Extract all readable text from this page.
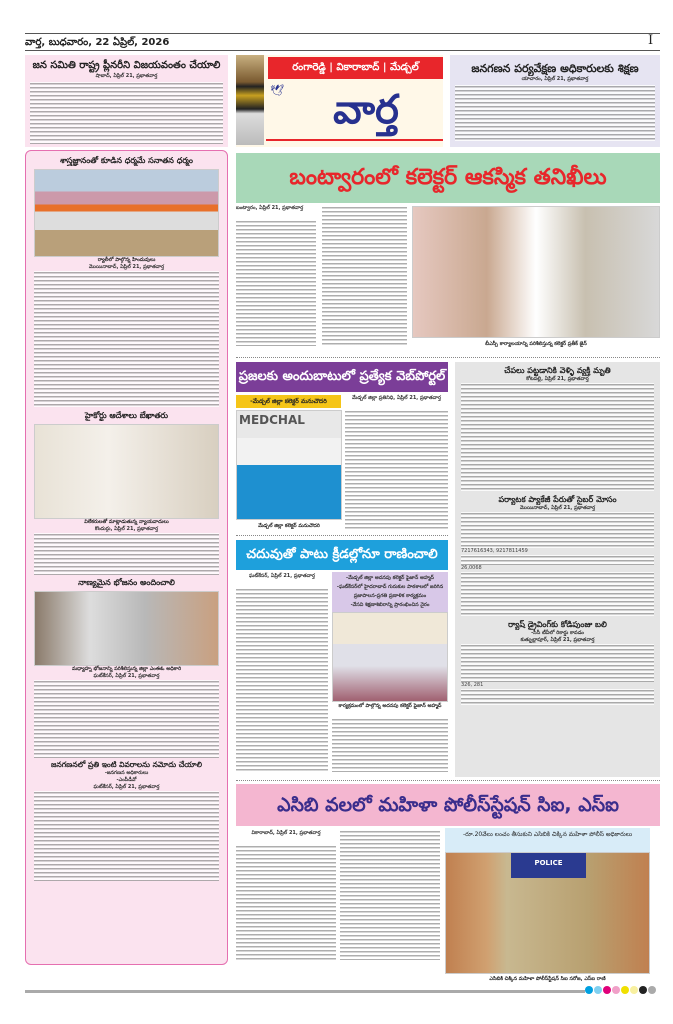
వార్త, బుధవారం, 22 ఏప్రిల్, 2026	I
జన సమితి రాష్ట్ర ప్లీనరీని విజయవంతం చేయాలి
షాబాద్, ఏప్రిల్ 21, ప్రభాతవార్త
రంగారెడ్డి | వికారాబాద్ | మేడ్చల్
🕊	వార్త
జనగణన పర్యవేక్షణ అధికారులకు శిక్షణ
యాచారం, ఏప్రిల్ 21, ప్రభాతవార్త
శాస్త్రజ్ఞానంతో కూడిన ధర్మమే సనాతన ధర్మం
ర్యాలీలో పాల్గొన్న హిందువులు
మొయినాబాద్, ఏప్రిల్ 21, ప్రభాతవార్త
హైకోర్టు ఆదేశాలు బేఖాతరు
విలేకరులతో మాట్లాడుతున్న న్యాయవాదులు
కొందుర్గు, ఏప్రిల్ 21, ప్రభాతవార్త
నాణ్యమైన భోజనం అందించాలి
మధ్యాహ్న భోజనాన్ని పరిశీలిస్తున్న జిల్లా ఎంఈఓ అధికారి
ఘట్‌కేసర్, ఏప్రిల్ 21, ప్రభాతవార్త
జనగణనలో ప్రతి ఇంటి వివరాలను నమోదు చేయాలి
-జనగణన అధికారులు
-ఎంపీడీవో
ఘట్‌కేసర్, ఏప్రిల్ 21, ప్రభాతవార్త
బంట్వారంలో కలెక్టర్ ఆకస్మిక తనిఖీలు
బంట్వారం, ఏప్రిల్ 21, ప్రభాతవార్త
బీఎస్పీ కార్యాలయాన్ని పరిశీలిస్తున్న కలెక్టర్ ప్రతీక్ జైన్
ప్రజలకు అందుబాటులో ప్రత్యేక వెబ్‌పోర్టల్
-మేడ్చల్ జిల్లా కలెక్టర్ మనుచౌదరి
MEDCHAL
మేడ్చల్ జిల్లా కలెక్టర్ మనుచౌదరి
మేడ్చల్ జిల్లా ప్రతినిధి, ఏప్రిల్ 21, ప్రభాతవార్త
చదువుతో పాటు క్రీడల్లోనూ రాణించాలి
ఘట్‌కేసర్, ఏప్రిల్ 21, ప్రభాతవార్త	-మేడ్చల్ జిల్లా అదనపు కలెక్టర్ ఫైజాన్ అహ్మద్
-ఘట్‌కేసర్‌లో హైదరాబాద్ గురుకుల పాఠశాలలో జరిగిన
ప్రజాపాలన-ప్రగతి ప్రణాళిక కార్యక్రమం
-వేసవి శిక్షణాశిబిరాన్ని ప్రారంభించిన నైరం
కార్యక్రమంలో పాల్గొన్న అదనపు కలెక్టర్ ఫైజాన్ అహ్మద్
చేపలు పట్టడానికి వెళ్ళి వ్యక్తి మృతి
కోటపల్లి, ఏప్రిల్ 21, ప్రభాతవార్త
పర్యాటక ప్యాకేజీ పేరుతో సైబర్ మోసం
మొయినాబాద్, ఏప్రిల్ 21, ప్రభాతవార్త
7217616343, 9217811459
26,0068
ర్యాష్ డ్రైవింగ్‌కు కోడిపుంజు బలి
-సీసీ టీవీలో రికార్డు కావడం
కుత్బుల్లాపూర్, ఏప్రిల్ 21, ప్రభాతవార్త
326, 281
ఎసిబి వలలో మహిళా పోలీస్‌స్టేషన్ సిఐ, ఎస్ఐ
వికారాబాద్, ఏప్రిల్ 21, ప్రభాతవార్త	-రూ.20వేలు లంచం తీసుకుని ఎసిబికి చిక్కిన మహిళా పోలీస్ అధికారులు
POLICE
ఎసిబికి చిక్కిన మహిళా పోలీస్‌స్టేషన్ సిఐ సరోజ, ఎస్ఐ రాణి
